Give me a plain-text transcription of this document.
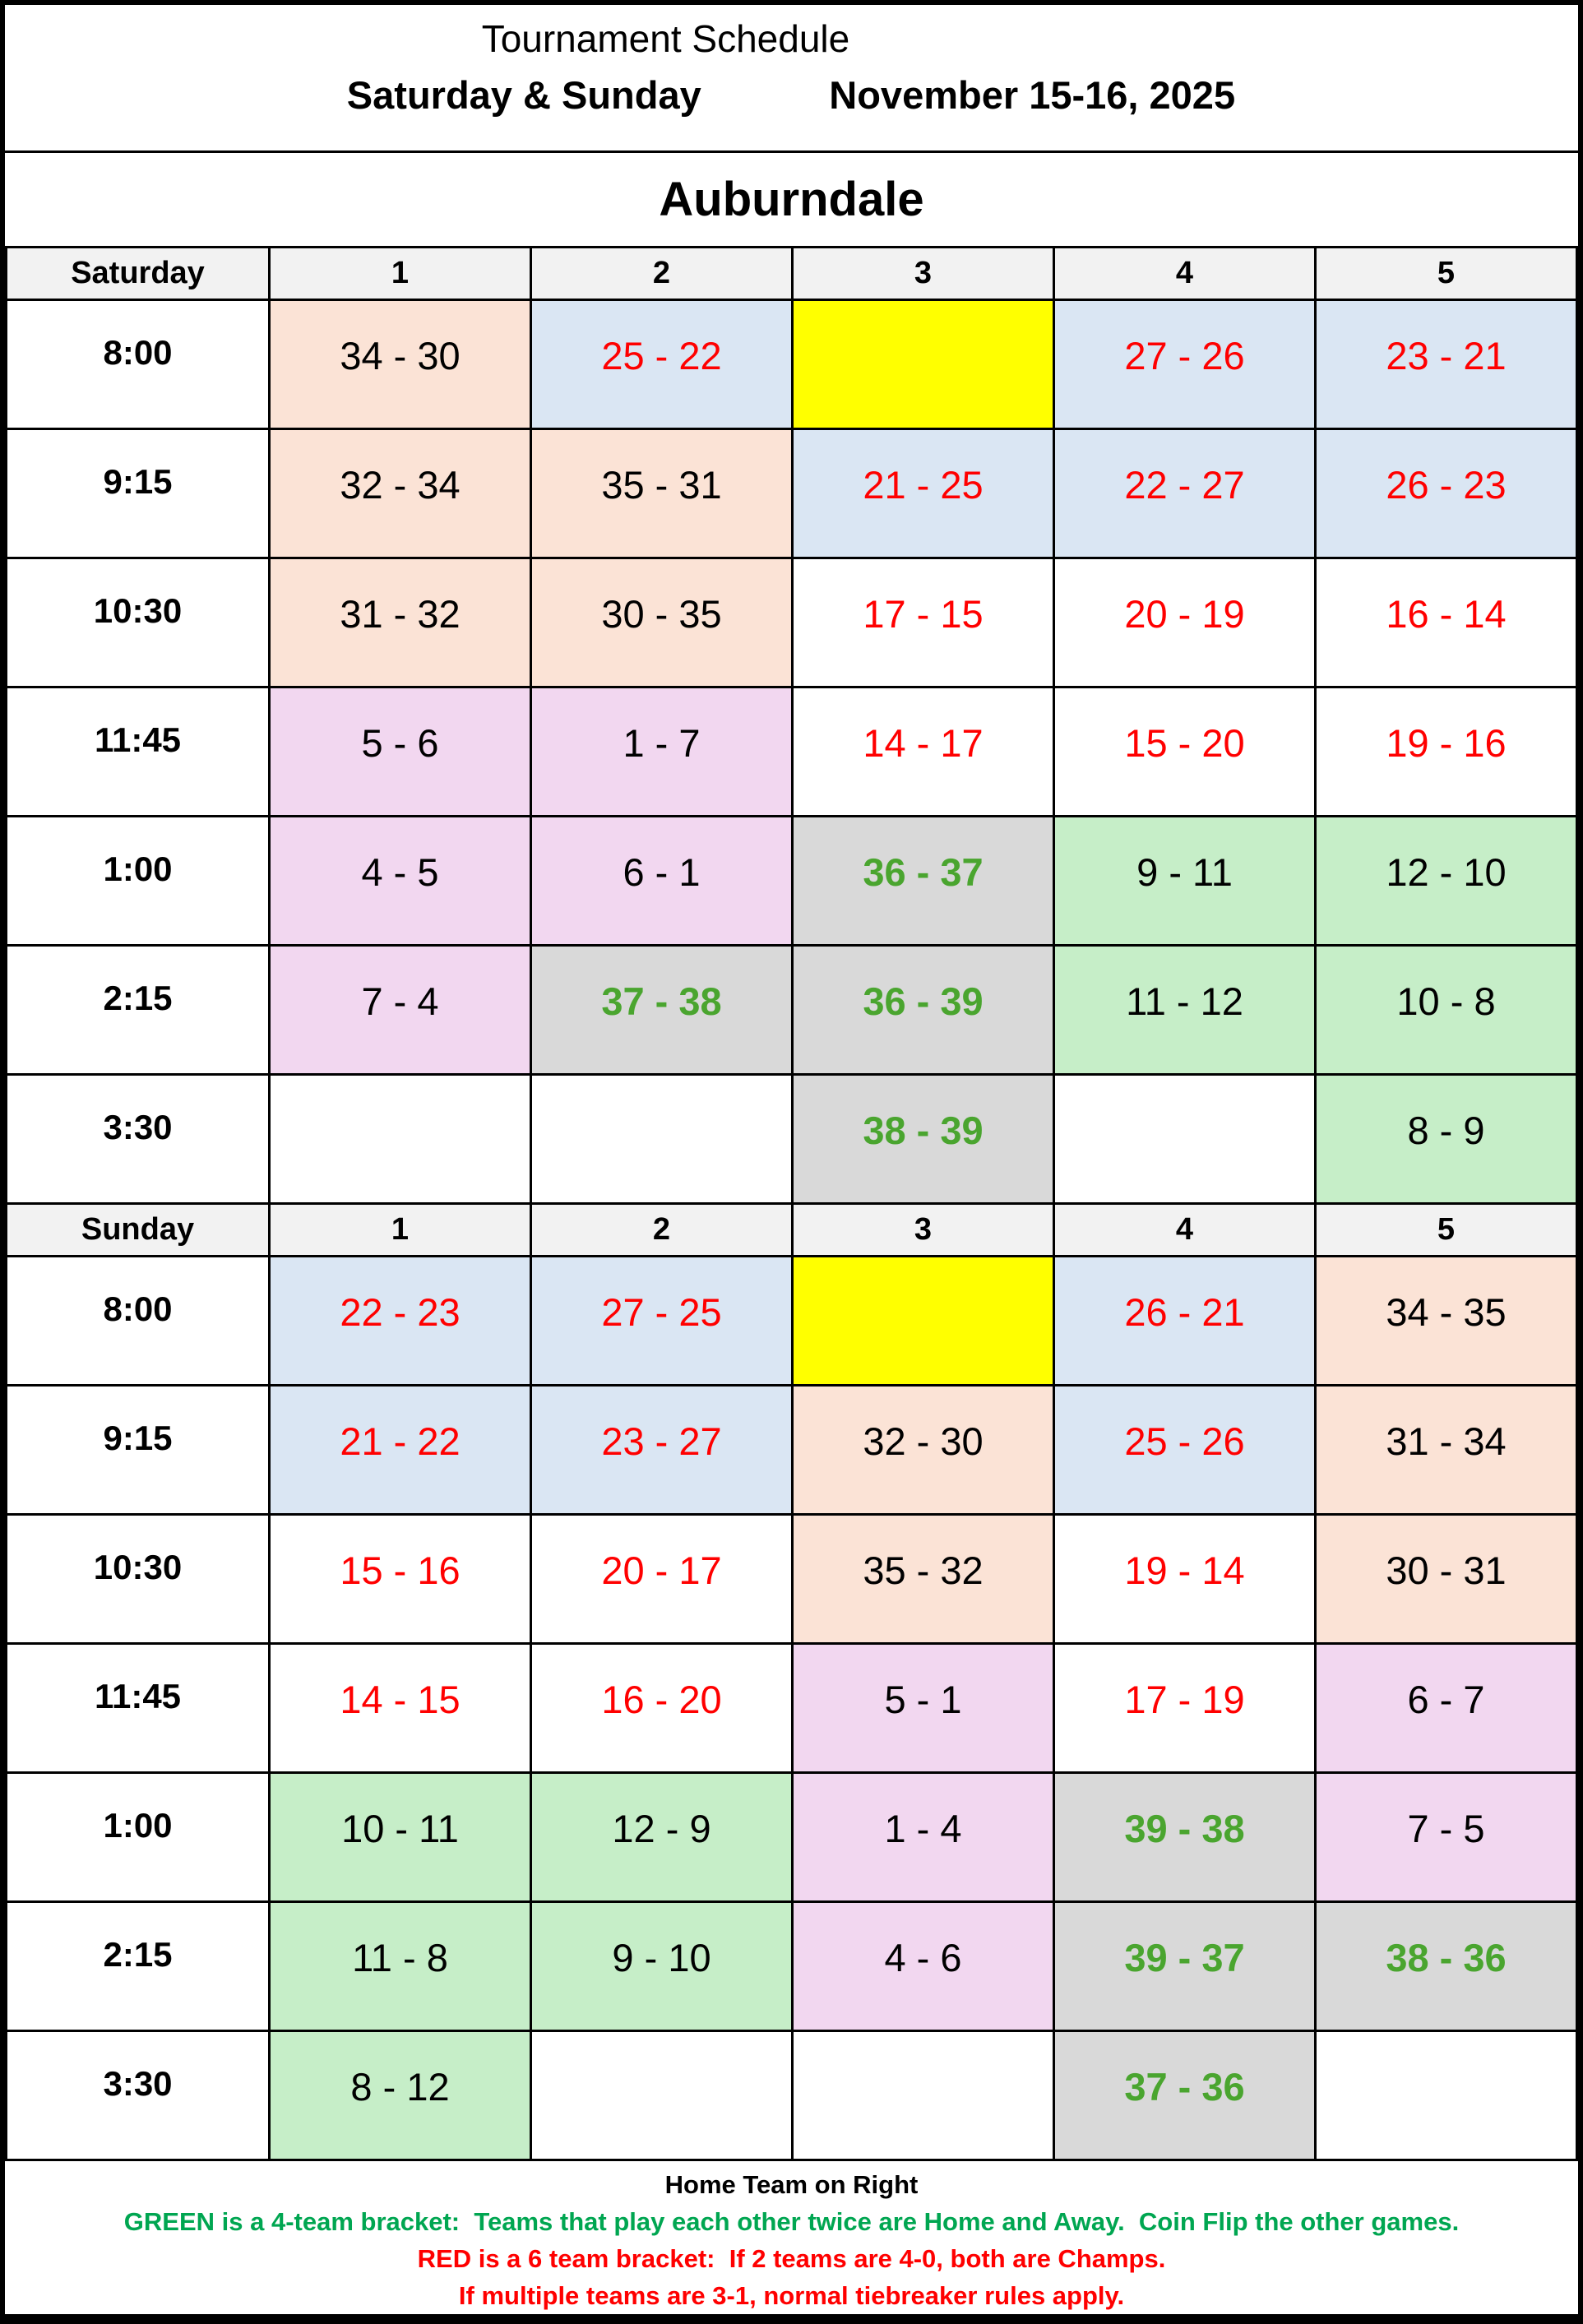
Tournament Schedule
Saturday & Sunday	November 15-16, 2025
Auburndale
Saturday	1	2	3	4	5
8:00	34 - 30	25 - 22		27 - 26	23 - 21
9:15	32 - 34	35 - 31	21 - 25	22 - 27	26 - 23
10:30	31 - 32	30 - 35	17 - 15	20 - 19	16 - 14
11:45	5 - 6	1 - 7	14 - 17	15 - 20	19 - 16
1:00	4 - 5	6 - 1	36 - 37	9 - 11	12 - 10
2:15	7 - 4	37 - 38	36 - 39	11 - 12	10 - 8
3:30			38 - 39		8 - 9
Sunday	1	2	3	4	5
8:00	22 - 23	27 - 25		26 - 21	34 - 35
9:15	21 - 22	23 - 27	32 - 30	25 - 26	31 - 34
10:30	15 - 16	20 - 17	35 - 32	19 - 14	30 - 31
11:45	14 - 15	16 - 20	5 - 1	17 - 19	6 - 7
1:00	10 - 11	12 - 9	1 - 4	39 - 38	7 - 5
2:15	11 - 8	9 - 10	4 - 6	39 - 37	38 - 36
3:30	8 - 12			37 - 36	
Home Team on Right
GREEN is a 4-team bracket:  Teams that play each other twice are Home and Away.  Coin Flip the other games.
RED is a 6 team bracket:  If 2 teams are 4-0, both are Champs.
If multiple teams are 3-1, normal tiebreaker rules apply.
